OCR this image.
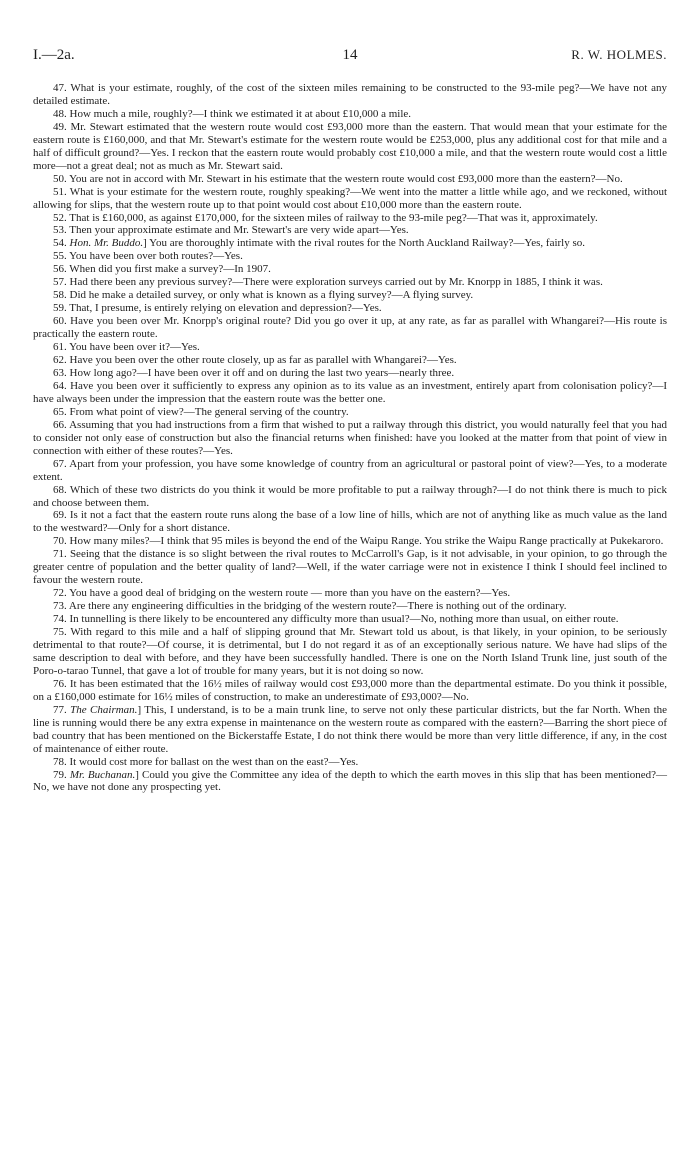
I.—2a.	14	R. W. HOLMES.

47. What is your estimate, roughly, of the cost of the sixteen miles remaining to be constructed to the 93-mile peg?—We have not any detailed estimate.

48. How much a mile, roughly?—I think we estimated it at about £10,000 a mile.

49. Mr. Stewart estimated that the western route would cost £93,000 more than the eastern. That would mean that your estimate for the eastern route is £160,000, and that Mr. Stewart's estimate for the western route would be £253,000, plus any additional cost for that mile and a half of difficult ground?—Yes. I reckon that the eastern route would probably cost £10,000 a mile, and that the western route would cost a little more—not a great deal; not as much as Mr. Stewart said.

50. You are not in accord with Mr. Stewart in his estimate that the western route would cost £93,000 more than the eastern?—No.

51. What is your estimate for the western route, roughly speaking?—We went into the matter a little while ago, and we reckoned, without allowing for slips, that the western route up to that point would cost about £10,000 more than the eastern route.

52. That is £160,000, as against £170,000, for the sixteen miles of railway to the 93-mile peg?—That was it, approximately.

53. Then your approximate estimate and Mr. Stewart's are very wide apart—Yes.

54. Hon. Mr. Buddo.] You are thoroughly intimate with the rival routes for the North Auckland Railway?—Yes, fairly so.

55. You have been over both routes?—Yes.

56. When did you first make a survey?—In 1907.

57. Had there been any previous survey?—There were exploration surveys carried out by Mr. Knorpp in 1885, I think it was.

58. Did he make a detailed survey, or only what is known as a flying survey?—A flying survey.

59. That, I presume, is entirely relying on elevation and depression?—Yes.

60. Have you been over Mr. Knorpp's original route? Did you go over it up, at any rate, as far as parallel with Whangarei?—His route is practically the eastern route.

61. You have been over it?—Yes.

62. Have you been over the other route closely, up as far as parallel with Whangarei?—Yes.

63. How long ago?—I have been over it off and on during the last two years—nearly three.

64. Have you been over it sufficiently to express any opinion as to its value as an investment, entirely apart from colonisation policy?—I have always been under the impression that the eastern route was the better one.

65. From what point of view?—The general serving of the country.

66. Assuming that you had instructions from a firm that wished to put a railway through this district, you would naturally feel that you had to consider not only ease of construction but also the financial returns when finished: have you looked at the matter from that point of view in connection with either of these routes?—Yes.

67. Apart from your profession, you have some knowledge of country from an agricultural or pastoral point of view?—Yes, to a moderate extent.

68. Which of these two districts do you think it would be more profitable to put a railway through?—I do not think there is much to pick and choose between them.

69. Is it not a fact that the eastern route runs along the base of a low line of hills, which are not of anything like as much value as the land to the westward?—Only for a short distance.

70. How many miles?—I think that 95 miles is beyond the end of the Waipu Range. You strike the Waipu Range practically at Pukekaroro.

71. Seeing that the distance is so slight between the rival routes to McCarroll's Gap, is it not advisable, in your opinion, to go through the greater centre of population and the better quality of land?—Well, if the water carriage were not in existence I think I should feel inclined to favour the western route.

72. You have a good deal of bridging on the western route — more than you have on the eastern?—Yes.

73. Are there any engineering difficulties in the bridging of the western route?—There is nothing out of the ordinary.

74. In tunnelling is there likely to be encountered any difficulty more than usual?—No, nothing more than usual, on either route.

75. With regard to this mile and a half of slipping ground that Mr. Stewart told us about, is that likely, in your opinion, to be seriously detrimental to that route?—Of course, it is detrimental, but I do not regard it as of an exceptionally serious nature. We have had slips of the same description to deal with before, and they have been successfully handled. There is one on the North Island Trunk line, just south of the Poro-o-tarao Tunnel, that gave a lot of trouble for many years, but it is not doing so now.

76. It has been estimated that the 16½ miles of railway would cost £93,000 more than the departmental estimate. Do you think it possible, on a £160,000 estimate for 16½ miles of construction, to make an underestimate of £93,000?—No.

77. The Chairman.] This, I understand, is to be a main trunk line, to serve not only these particular districts, but the far North. When the line is running would there be any extra expense in maintenance on the western route as compared with the eastern?—Barring the short piece of bad country that has been mentioned on the Bickerstaffe Estate, I do not think there would be more than very little difference, if any, in the cost of maintenance of either route.

78. It would cost more for ballast on the west than on the east?—Yes.

79. Mr. Buchanan.] Could you give the Committee any idea of the depth to which the earth moves in this slip that has been mentioned?—No, we have not done any prospecting yet.
